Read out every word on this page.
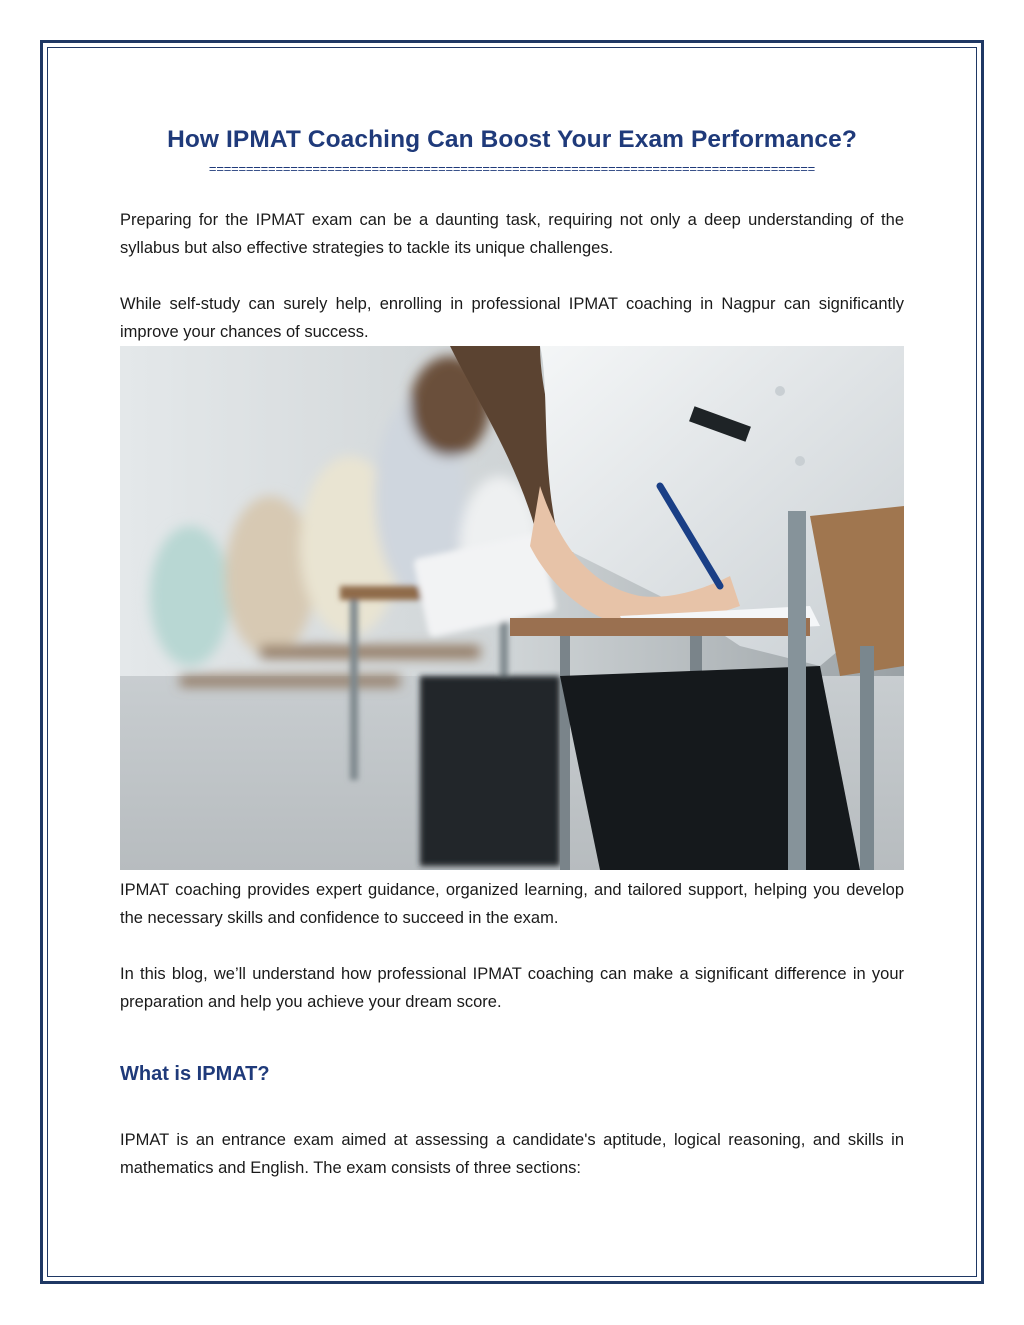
How IPMAT Coaching Can Boost Your Exam Performance?
==================================================================================

Preparing for the IPMAT exam can be a daunting task, requiring not only a deep understanding of the syllabus but also effective strategies to tackle its unique challenges.

While self-study can surely help, enrolling in professional IPMAT coaching in Nagpur can significantly improve your chances of success.

IPMAT coaching provides expert guidance, organized learning, and tailored support, helping you develop the necessary skills and confidence to succeed in the exam.

In this blog, we’ll understand how professional IPMAT coaching can make a significant difference in your preparation and help you achieve your dream score.

What is IPMAT?

IPMAT is an entrance exam aimed at assessing a candidate's aptitude, logical reasoning, and skills in mathematics and English. The exam consists of three sections:
